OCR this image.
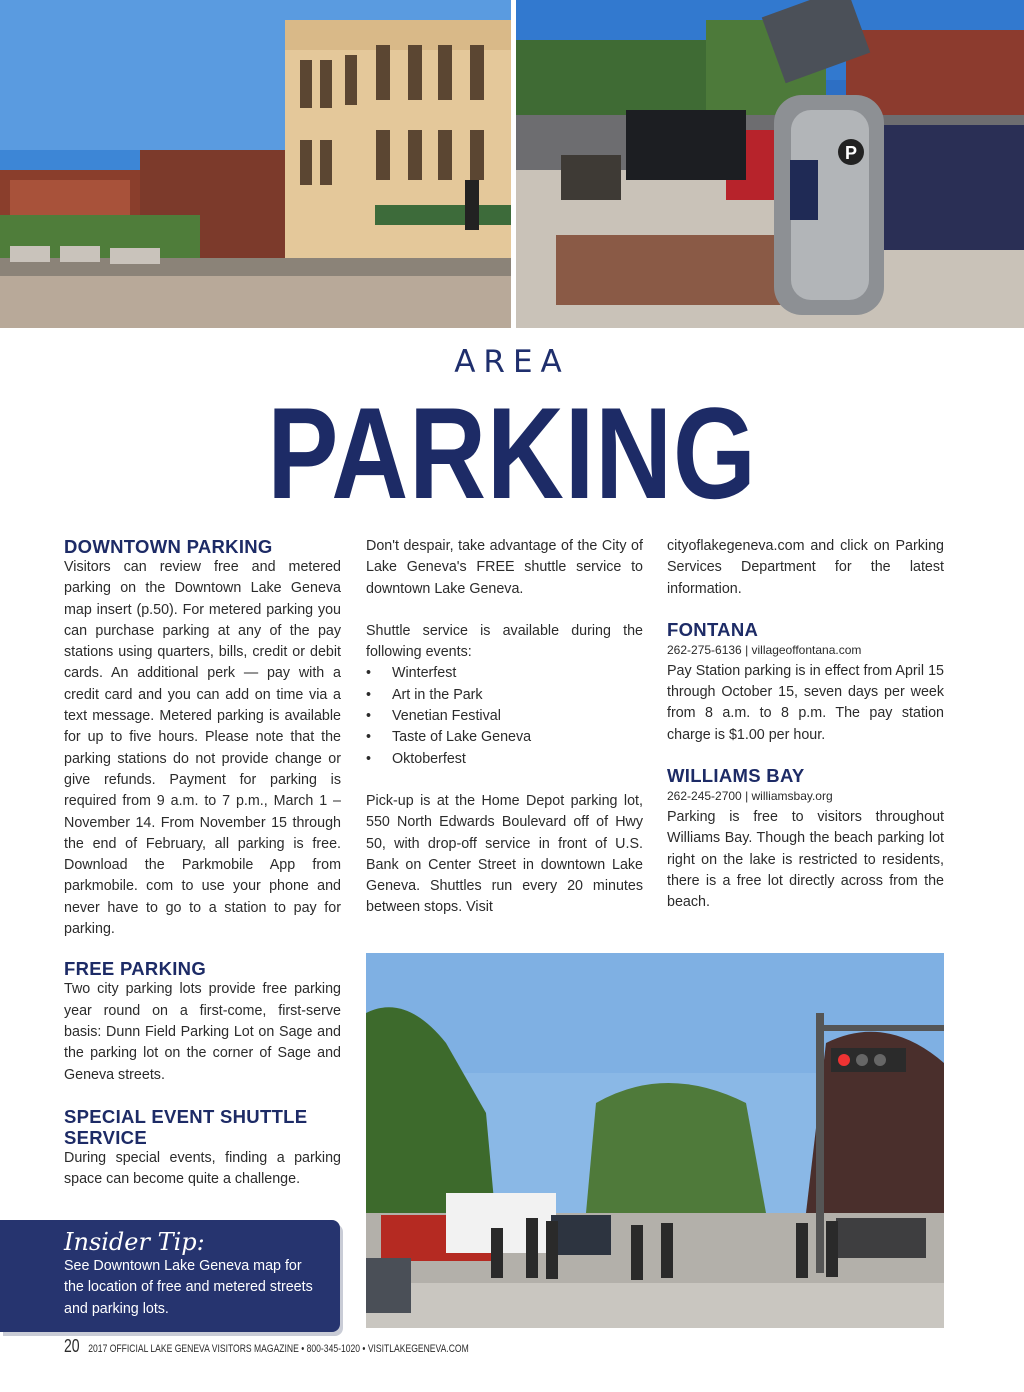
P
AREA
PARKING
DOWNTOWN PARKING

Visitors can review free and metered parking on the Downtown Lake Geneva map insert (p.50). For metered parking you can purchase parking at any of the pay stations using quarters, bills, credit or debit cards. An additional perk — pay with a credit card and you can add on time via a text message. Metered parking is available for up to five hours. Please note that the parking stations do not provide change or give refunds. Payment for parking is required from 9 a.m. to 7 p.m., March 1 – November 14. From November 15 through the end of February, all parking is free. Download the Parkmobile App from parkmobile. com to use your phone and never have to go to a station to pay for parking.

FREE PARKING

Two city parking lots provide free parking year round on a first-come, first-serve basis: Dunn Field Parking Lot on Sage and the parking lot on the corner of Sage and Geneva streets.

SPECIAL EVENT SHUTTLE SERVICE

During special events, finding a parking space can become quite a challenge.

Don't despair, take advantage of the City of Lake Geneva's FREE shuttle service to downtown Lake Geneva.

Shuttle service is available during the following events:

• Winterfest
• Art in the Park
• Venetian Festival
• Taste of Lake Geneva
• Oktoberfest

Pick-up is at the Home Depot parking lot, 550 North Edwards Boulevard off of Hwy 50, with drop-off service in front of U.S. Bank on Center Street in downtown Lake Geneva. Shuttles run every 20 minutes between stops. Visit

cityoflakegeneva.com and click on Parking Services Department for the latest information.

FONTANA
262-275-6136 | villageoffontana.com

Pay Station parking is in effect from April 15 through October 15, seven days per week from 8 a.m. to 8 p.m. The pay station charge is $1.00 per hour.

WILLIAMS BAY
262-245-2700 | williamsbay.org

Parking is free to visitors throughout Williams Bay. Though the beach parking lot right on the lake is restricted to residents, there is a free lot directly across from the beach.

Insider Tip:
See Downtown Lake Geneva map for the location of free and metered streets and parking lots.
20 2017 OFFICIAL LAKE GENEVA VISITORS MAGAZINE • 800-345-1020 • VISITLAKEGENEVA.COM
